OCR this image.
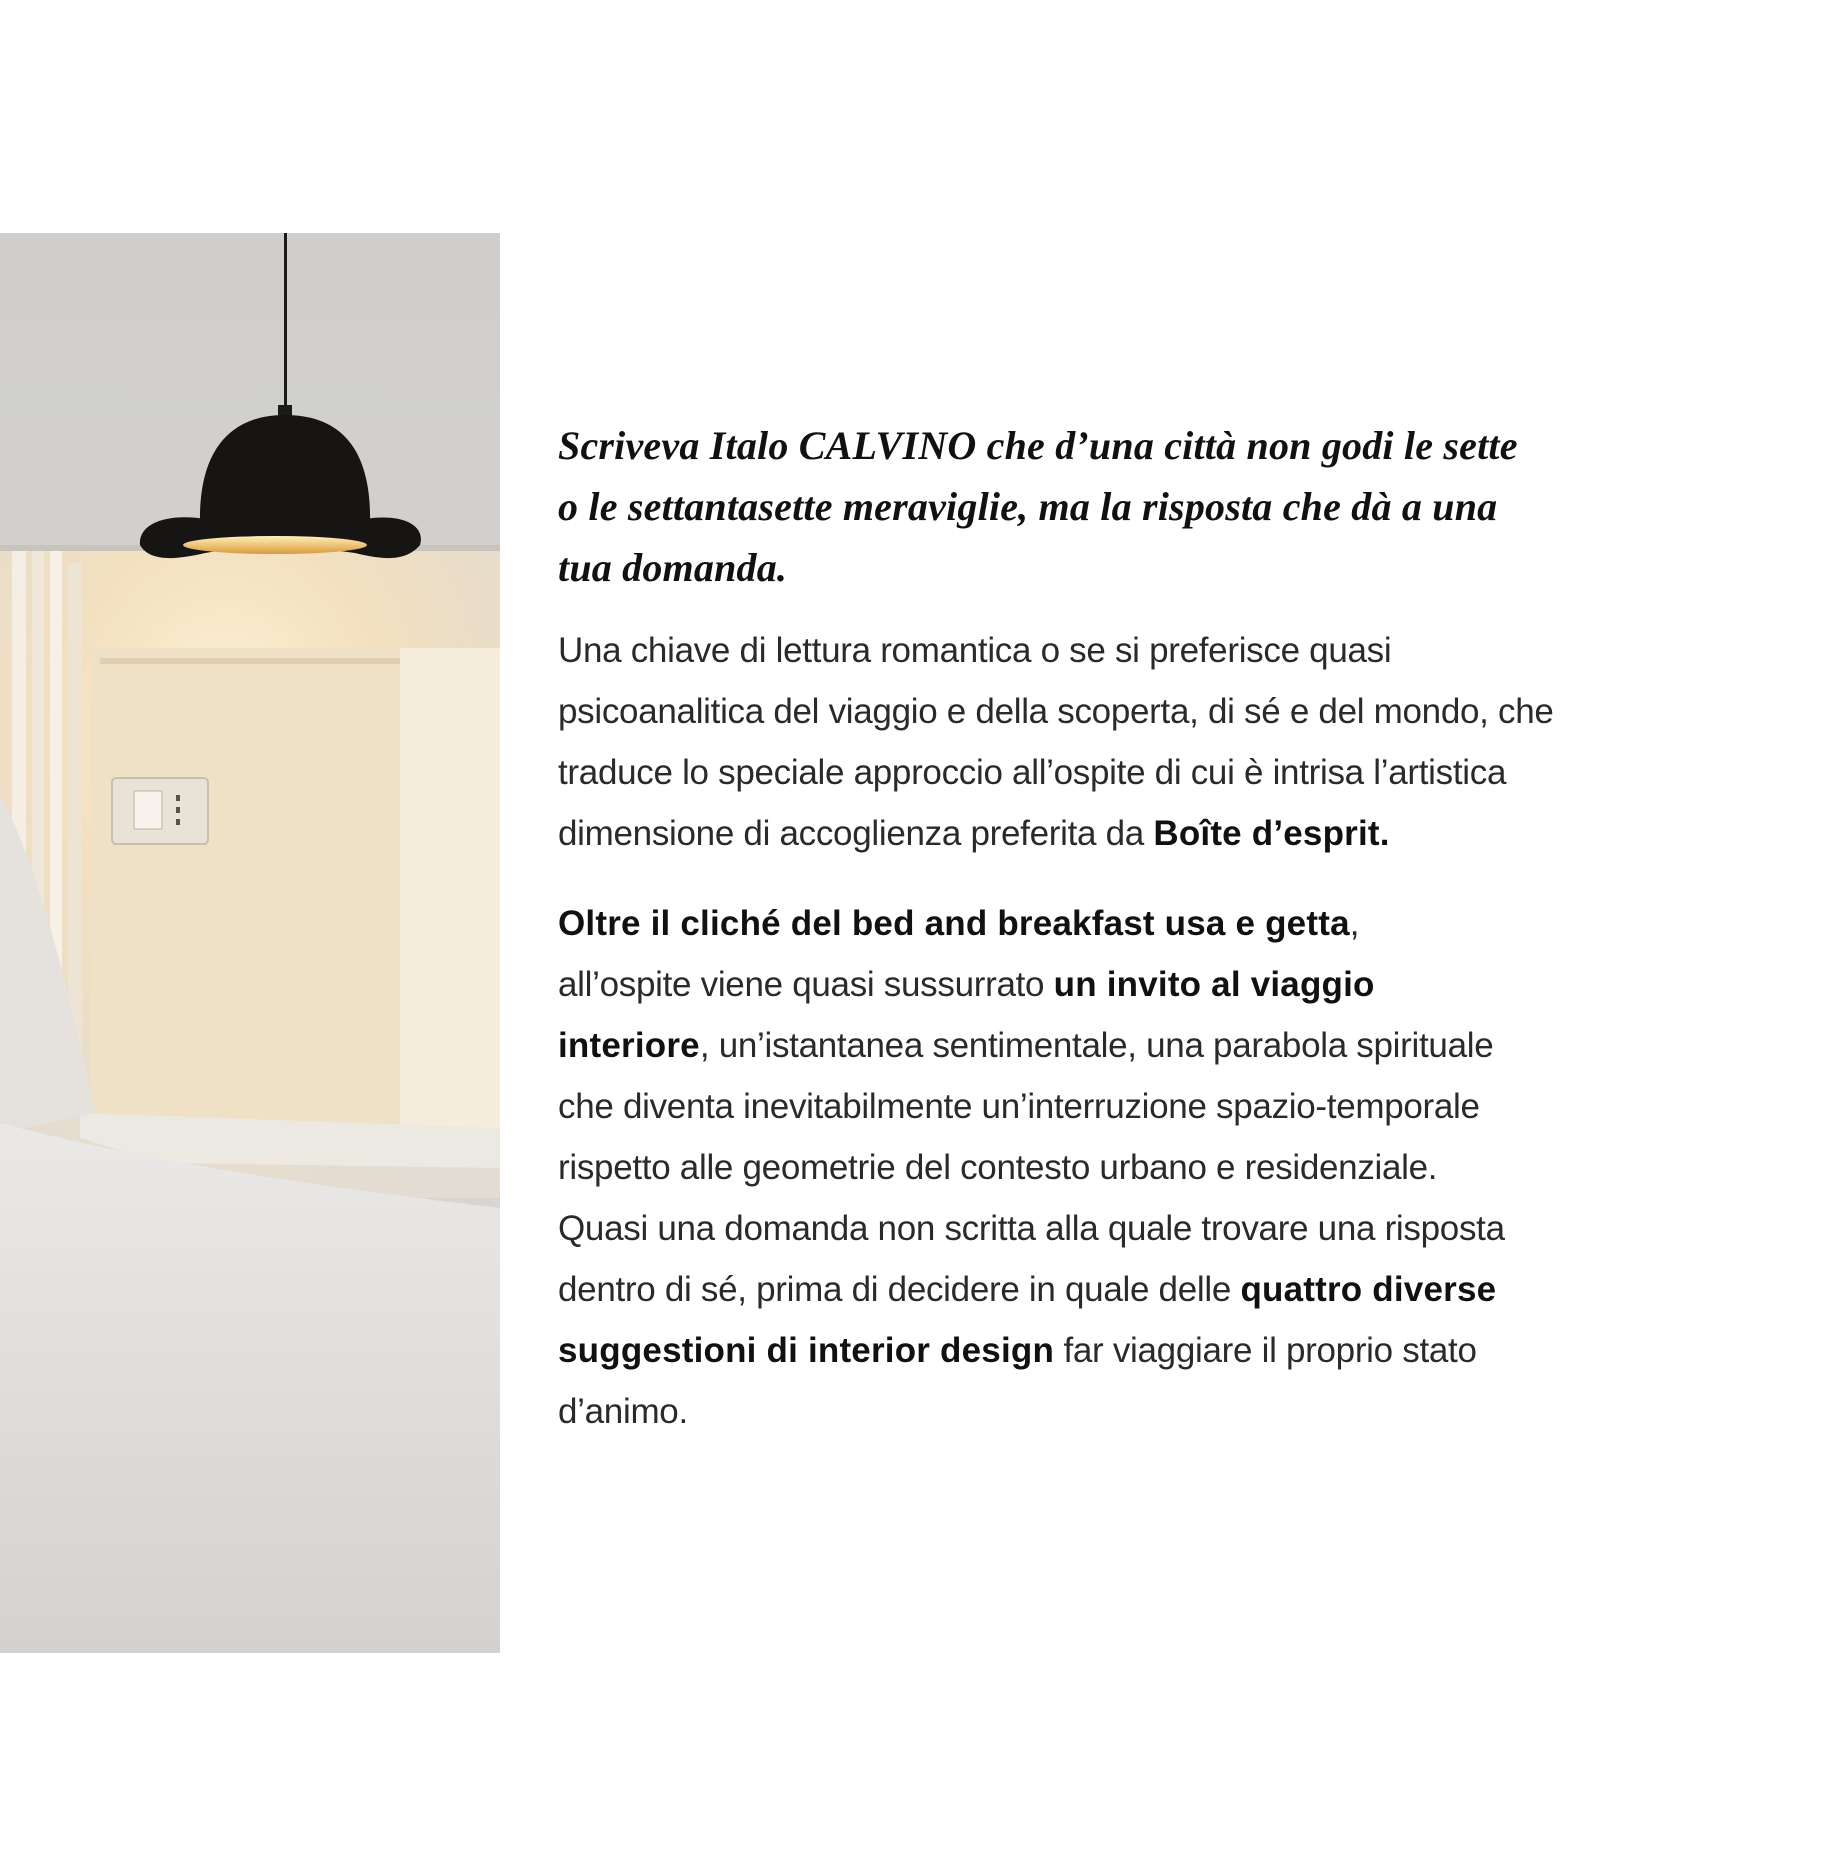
Scriveva Italo CALVINO che d’una città non godi le sette
o le settantasette meraviglie, ma la risposta che dà a una
tua domanda.

Una chiave di lettura romantica o se si preferisce quasi
psicoanalitica del viaggio e della scoperta, di sé e del mondo, che
traduce lo speciale approccio all’ospite di cui è intrisa l’artistica
dimensione di accoglienza preferita da Boîte d’esprit.

Oltre il cliché del bed and breakfast usa e getta,
all’ospite viene quasi sussurrato un invito al viaggio
interiore, un’istantanea sentimentale, una parabola spirituale
che diventa inevitabilmente un’interruzione spazio-temporale
rispetto alle geometrie del contesto urbano e residenziale.
Quasi una domanda non scritta alla quale trovare una risposta
dentro di sé, prima di decidere in quale delle quattro diverse
suggestioni di interior design far viaggiare il proprio stato
d’animo.
